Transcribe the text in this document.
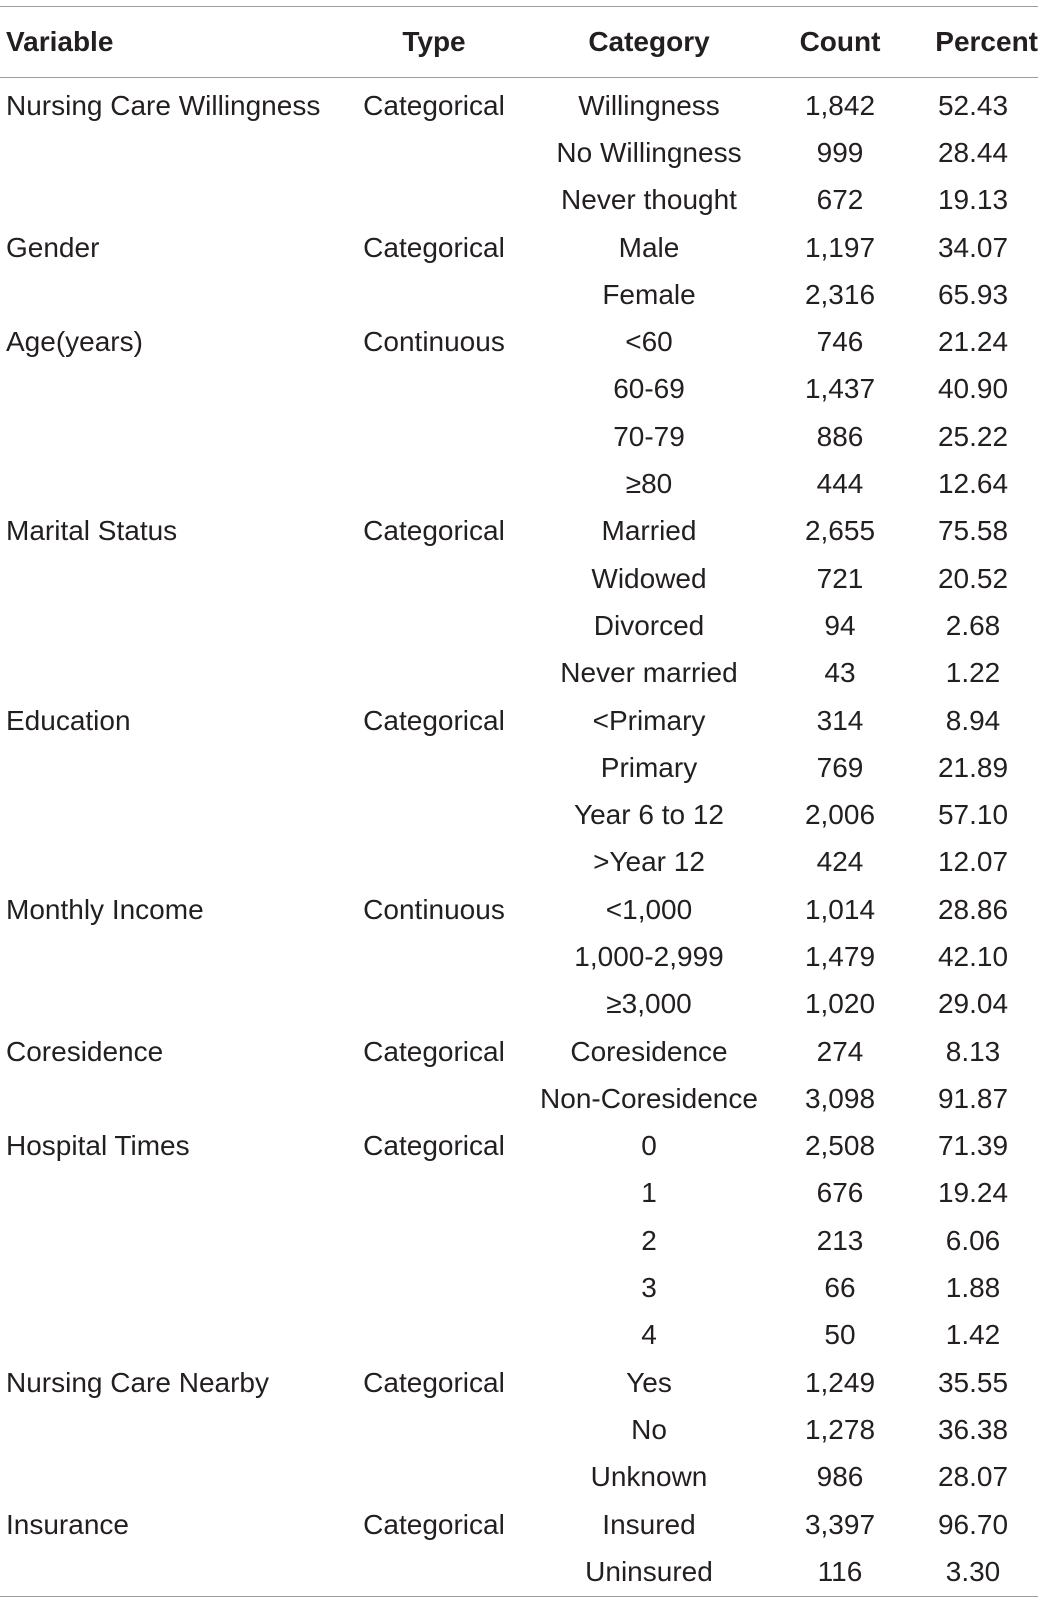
Variable	Type	Category	Count	Percent
Nursing Care Willingness	Categorical	Willingness	1,842	52.43
		No Willingness	999	28.44
		Never thought	672	19.13
Gender	Categorical	Male	1,197	34.07
		Female	2,316	65.93
Age(years)	Continuous	<60	746	21.24
		60-69	1,437	40.90
		70-79	886	25.22
		≥80	444	12.64
Marital Status	Categorical	Married	2,655	75.58
		Widowed	721	20.52
		Divorced	94	2.68
		Never married	43	1.22
Education	Categorical	<Primary	314	8.94
		Primary	769	21.89
		Year 6 to 12	2,006	57.10
		>Year 12	424	12.07
Monthly Income	Continuous	<1,000	1,014	28.86
		1,000-2,999	1,479	42.10
		≥3,000	1,020	29.04
Coresidence	Categorical	Coresidence	274	8.13
		Non-Coresidence	3,098	91.87
Hospital Times	Categorical	0	2,508	71.39
		1	676	19.24
		2	213	6.06
		3	66	1.88
		4	50	1.42
Nursing Care Nearby	Categorical	Yes	1,249	35.55
		No	1,278	36.38
		Unknown	986	28.07
Insurance	Categorical	Insured	3,397	96.70
		Uninsured	116	3.30
